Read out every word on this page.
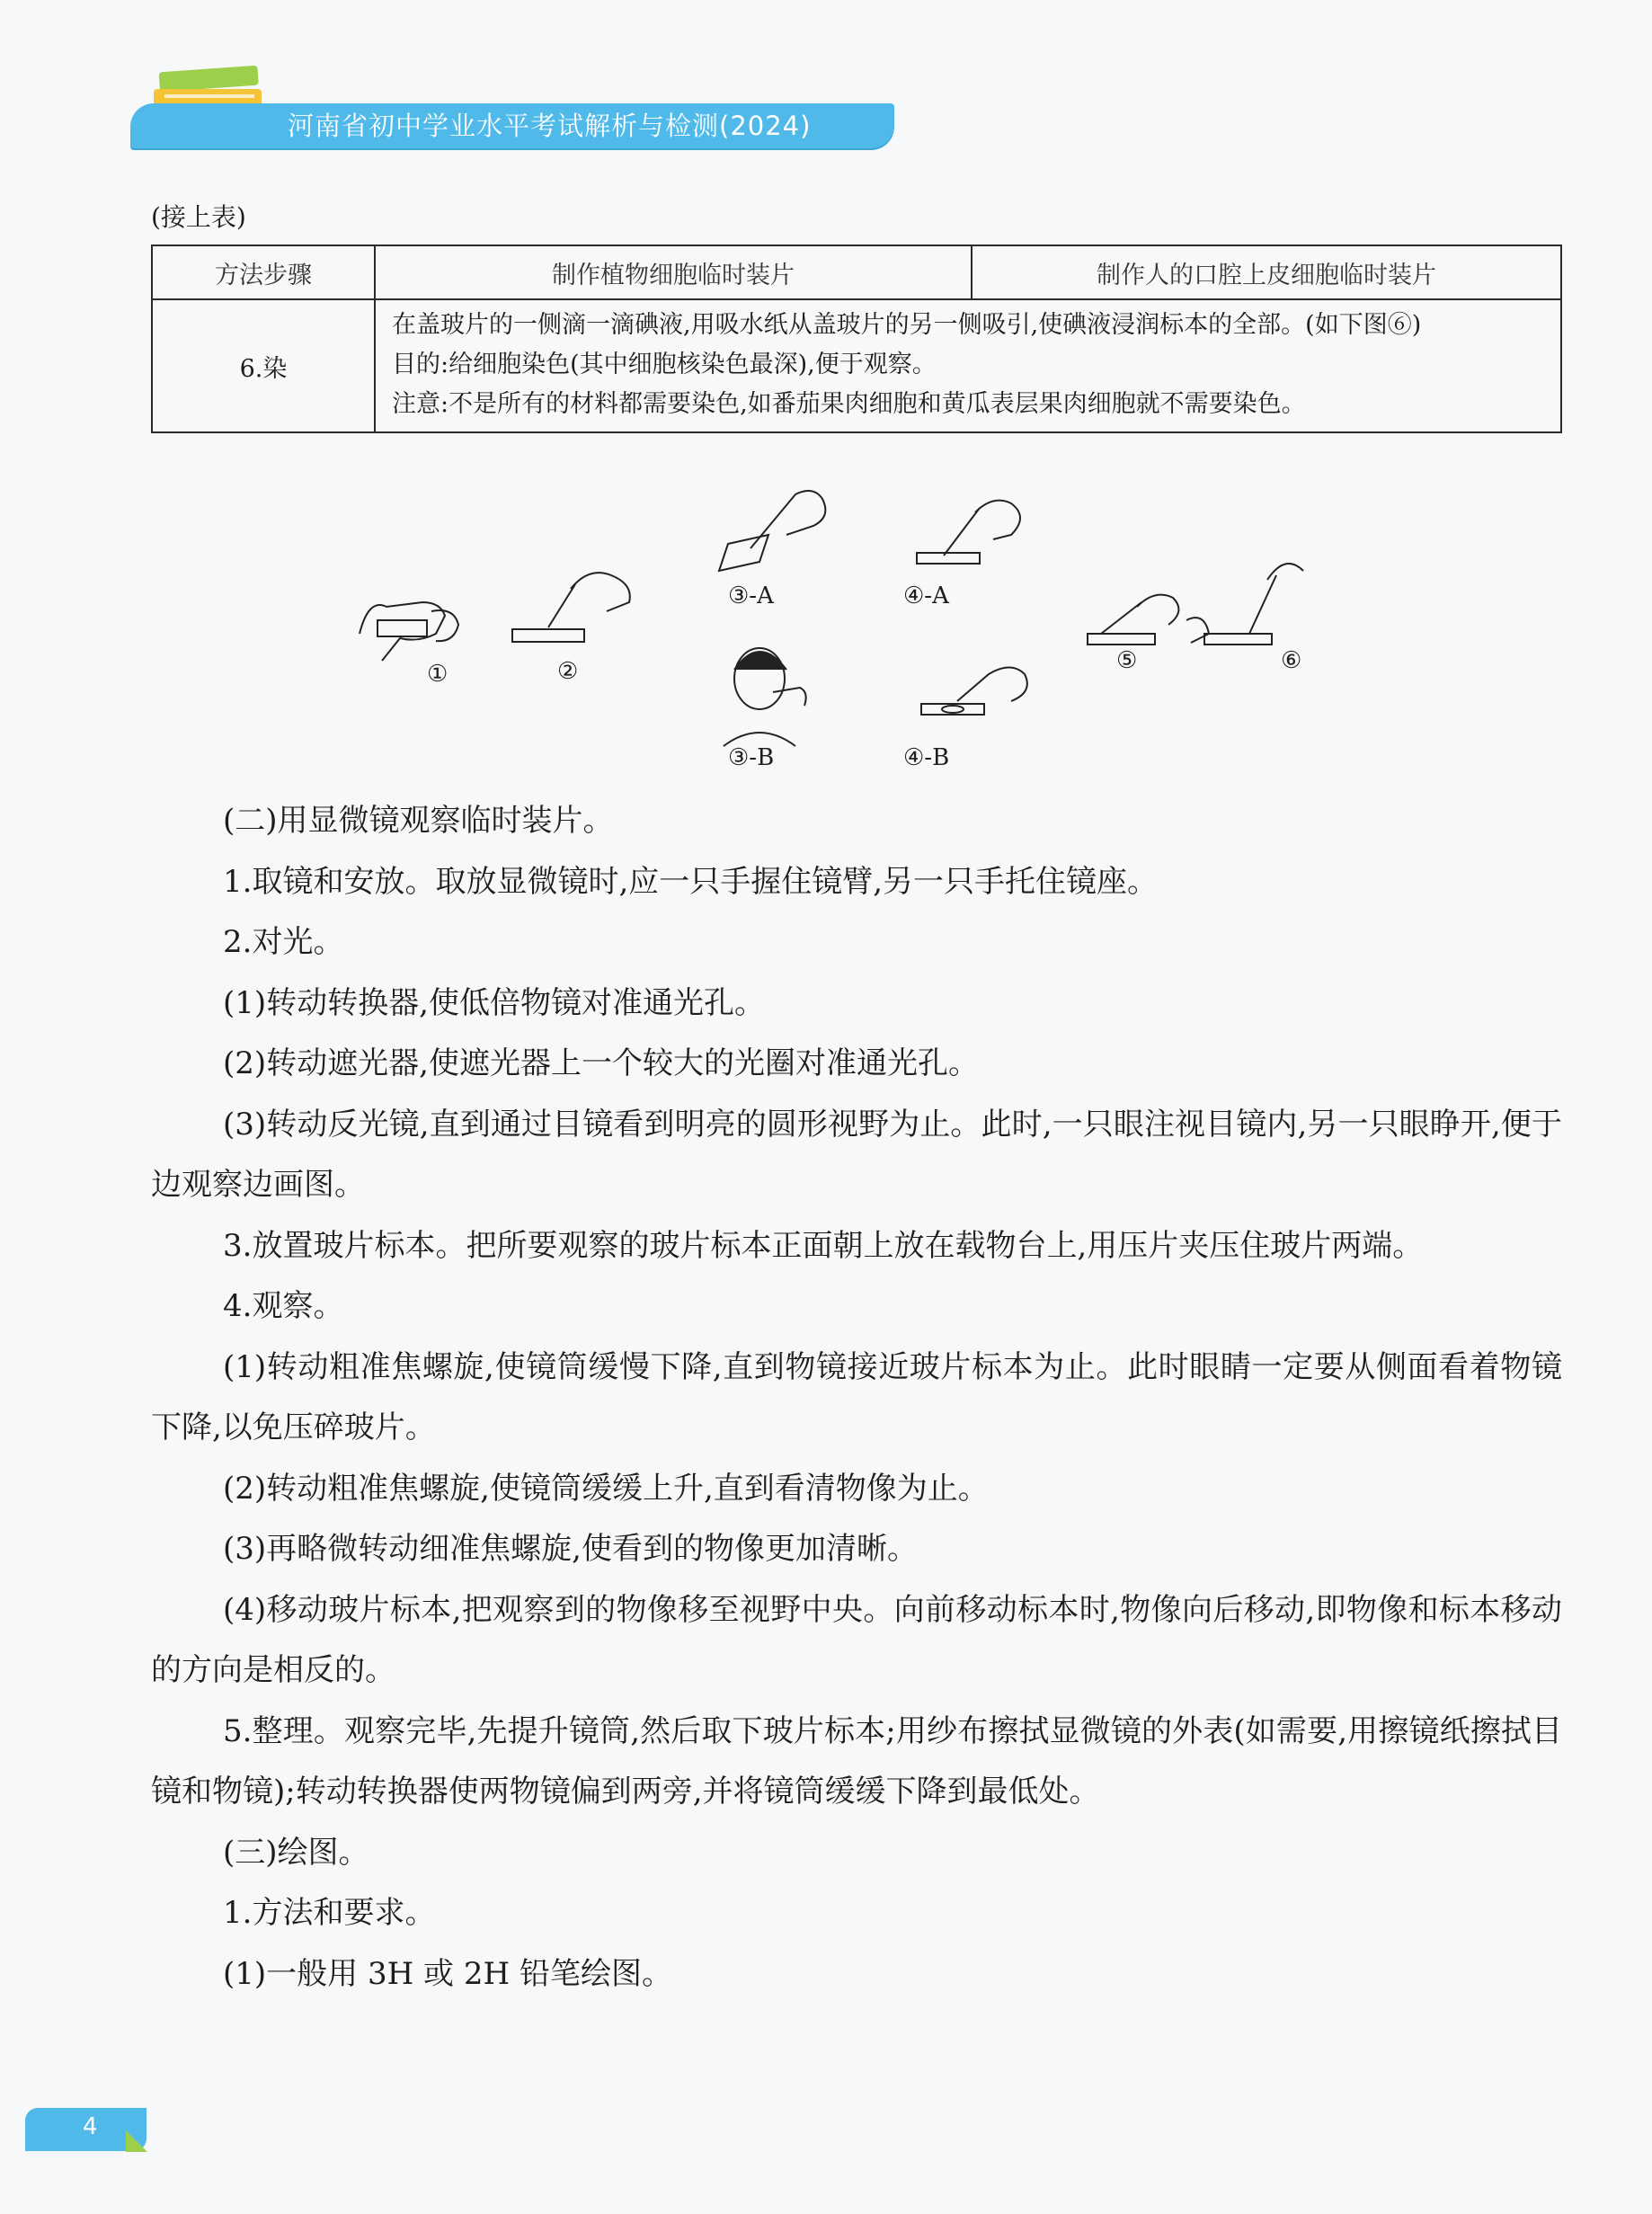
河南省初中学业水平考试解析与检测(2024)
(接上表)
方法步骤	制作植物细胞临时装片	制作人的口腔上皮细胞临时装片
6.染	在盖玻片的一侧滴一滴碘液,用吸水纸从盖玻片的另一侧吸引,使碘液浸润标本的全部。(如下图⑥)
目的:给细胞染色(其中细胞核染色最深),便于观察。
注意:不是所有的材料都需要染色,如番茄果肉细胞和黄瓜表层果肉细胞就不需要染色。	
①	②
③-A	④-A
③-B	④-B
⑤	⑥

(二)用显微镜观察临时装片。

1.取镜和安放。取放显微镜时,应一只手握住镜臂,另一只手托住镜座。

2.对光。

(1)转动转换器,使低倍物镜对准通光孔。

(2)转动遮光器,使遮光器上一个较大的光圈对准通光孔。

(3)转动反光镜,直到通过目镜看到明亮的圆形视野为止。此时,一只眼注视目镜内,另一只眼睁开,便于边观察边画图。

3.放置玻片标本。把所要观察的玻片标本正面朝上放在载物台上,用压片夹压住玻片两端。

4.观察。

(1)转动粗准焦螺旋,使镜筒缓慢下降,直到物镜接近玻片标本为止。此时眼睛一定要从侧面看着物镜下降,以免压碎玻片。

(2)转动粗准焦螺旋,使镜筒缓缓上升,直到看清物像为止。

(3)再略微转动细准焦螺旋,使看到的物像更加清晰。

(4)移动玻片标本,把观察到的物像移至视野中央。向前移动标本时,物像向后移动,即物像和标本移动的方向是相反的。

5.整理。观察完毕,先提升镜筒,然后取下玻片标本;用纱布擦拭显微镜的外表(如需要,用擦镜纸擦拭目镜和物镜);转动转换器使两物镜偏到两旁,并将镜筒缓缓下降到最低处。

(三)绘图。

1.方法和要求。

(1)一般用 3H 或 2H 铅笔绘图。

4
